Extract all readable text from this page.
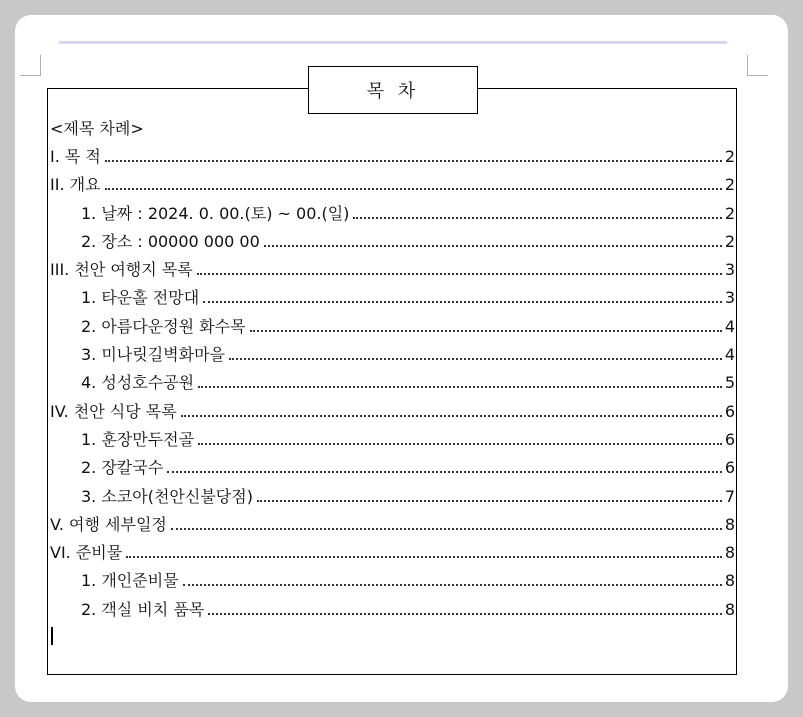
목 차
<제목 차례>
I. 목 적	2
II. 개요	2
1. 날짜 : 2024. 0. 00.(토) ~ 00.(일)	2
2. 장소 : 00000 000 00	2
III. 천안 여행지 목록	3
1. 타운홀 전망대	3
2. 아름다운정원 화수목	4
3. 미나릿길벽화마을	4
4. 성성호수공원	5
IV. 천안 식당 목록	6
1. 훈장만두전골	6
2. 장칼국수	6
3. 소코아(천안신불당점)	7
V. 여행 세부일정	8
VI. 준비물	8
1. 개인준비물	8
2. 객실 비치 품목	8
